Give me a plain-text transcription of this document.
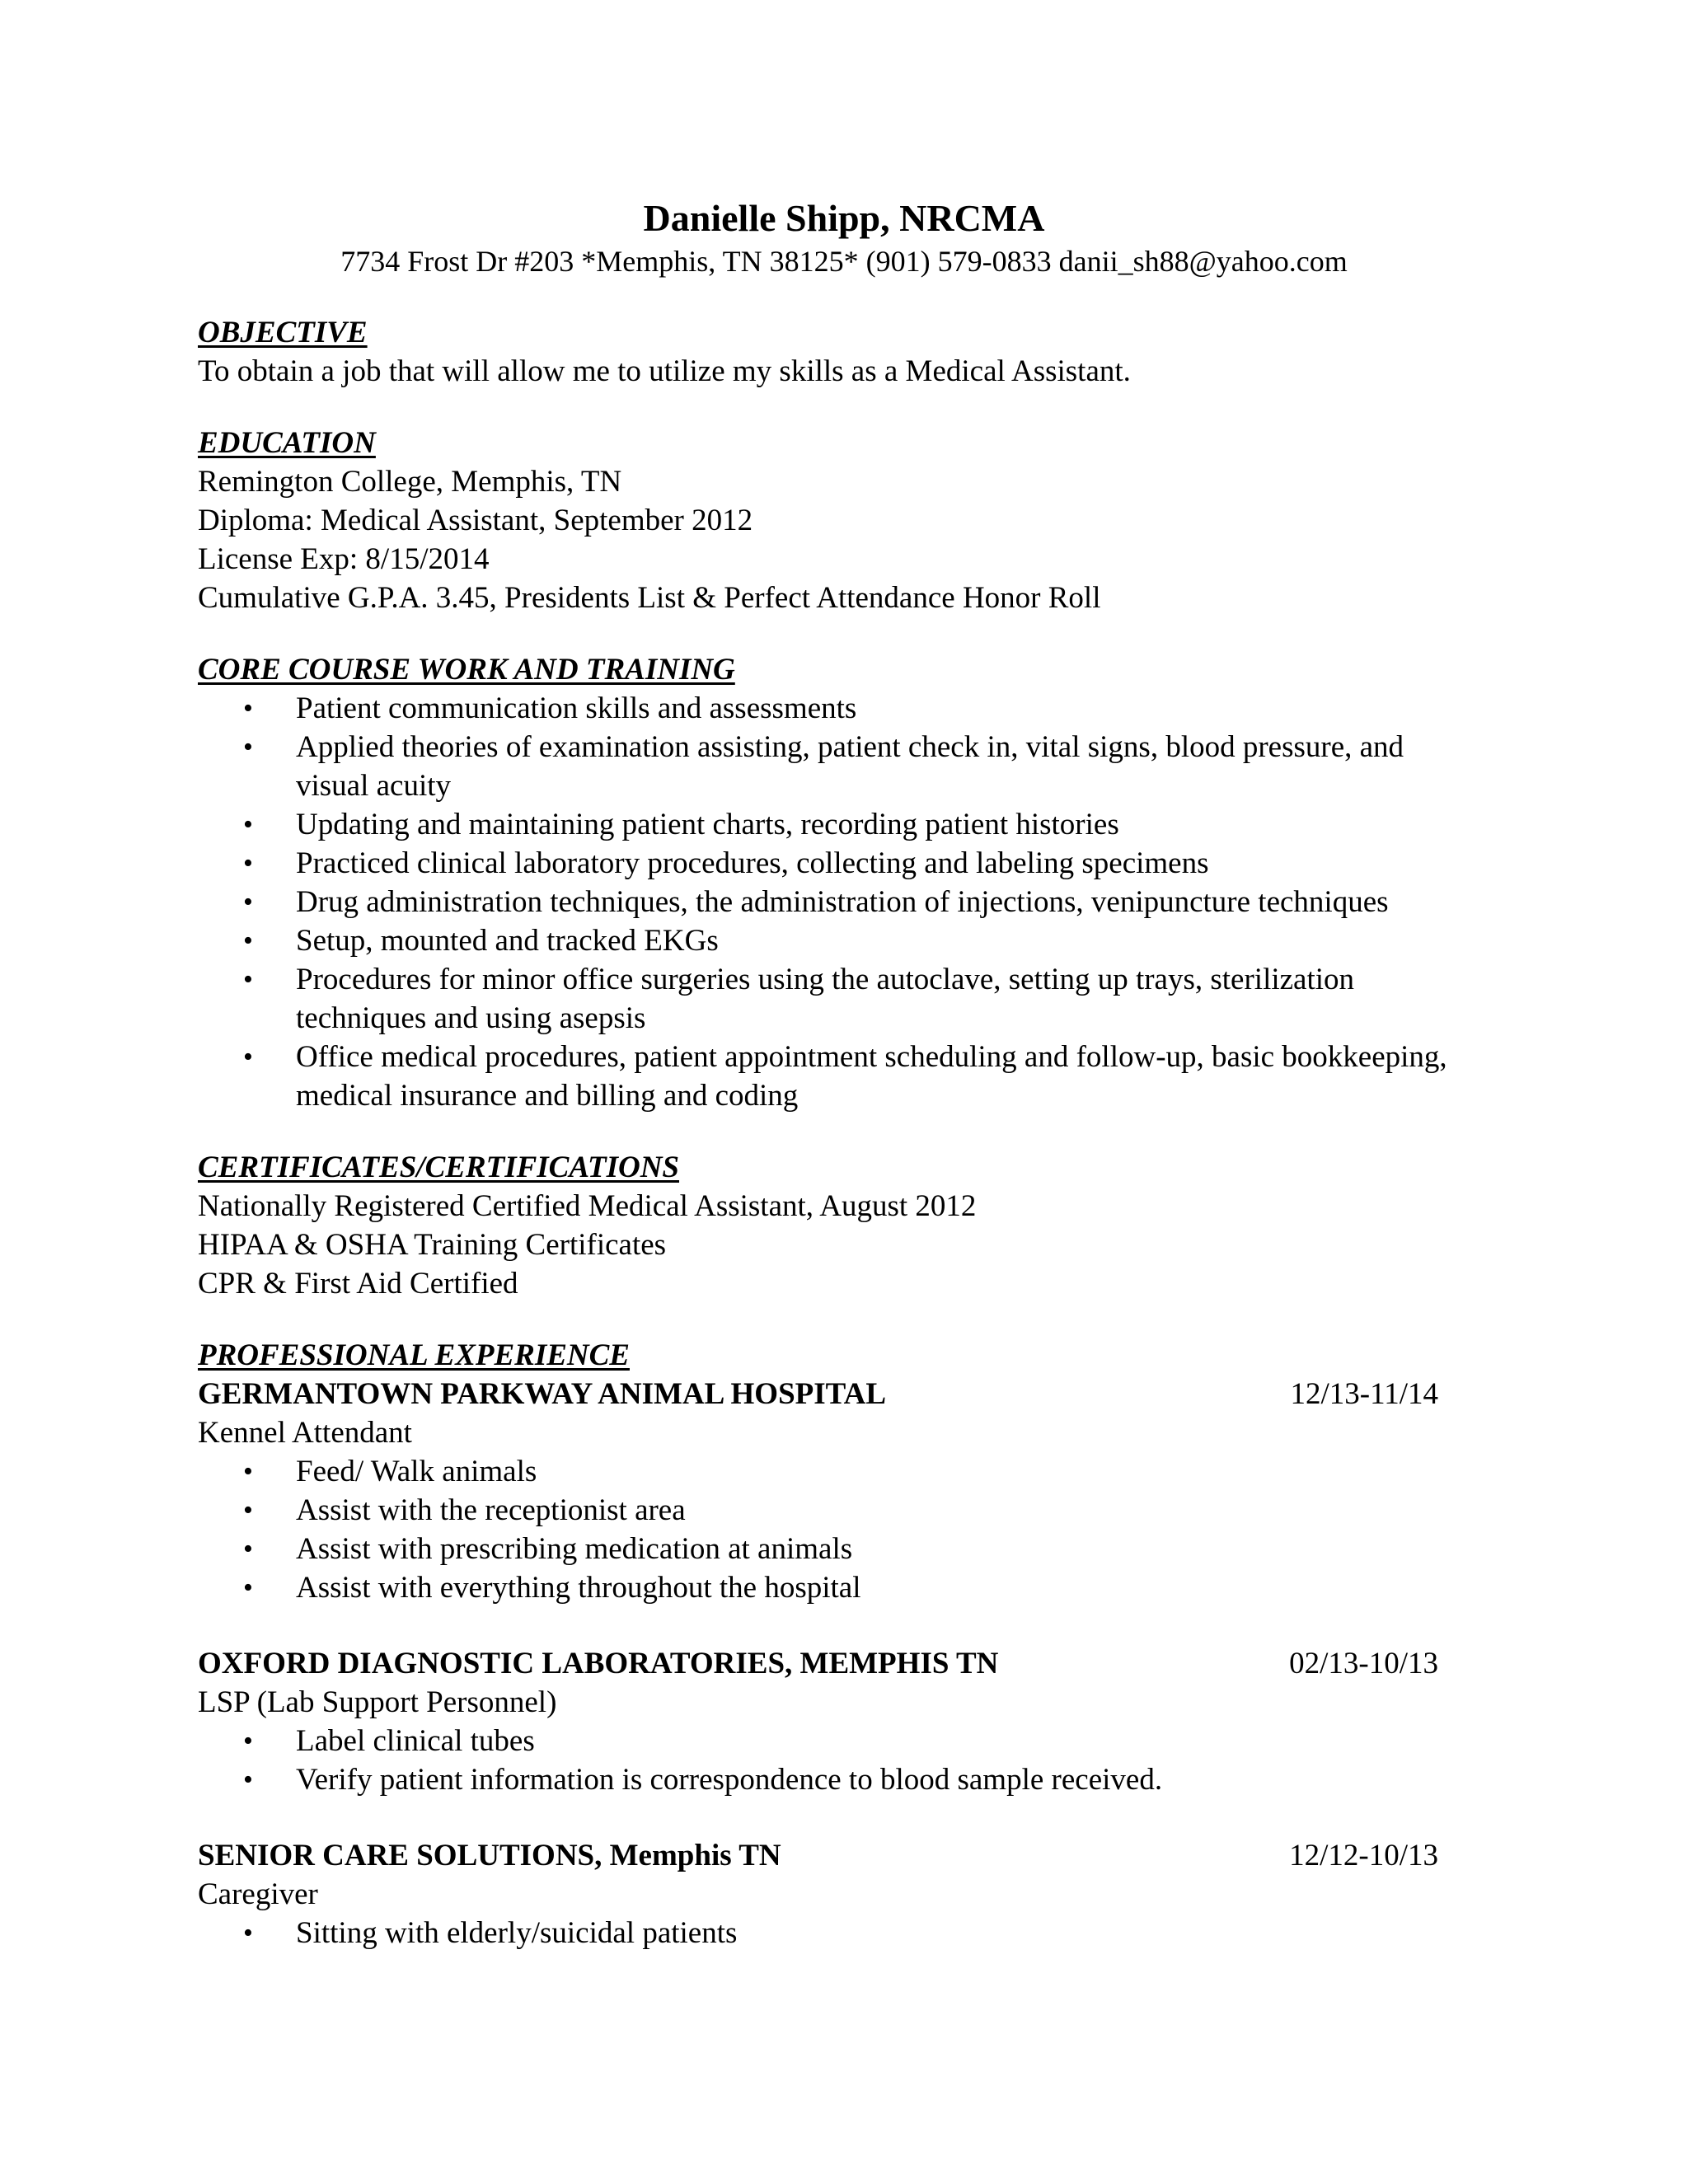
Danielle Shipp, NRCMA
7734 Frost Dr #203 *Memphis, TN 38125* (901) 579-0833 danii_sh88@yahoo.com
OBJECTIVE
To obtain a job that will allow me to utilize my skills as a Medical Assistant.
EDUCATION
Remington College, Memphis, TN
Diploma: Medical Assistant, September 2012
License Exp: 8/15/2014
Cumulative G.P.A. 3.45, Presidents List & Perfect Attendance Honor Roll
CORE COURSE WORK AND TRAINING
• Patient communication skills and assessments
• Applied theories of examination assisting, patient check in, vital signs, blood pressure, and visual acuity
• Updating and maintaining patient charts, recording patient histories
• Practiced clinical laboratory procedures, collecting and labeling specimens
• Drug administration techniques, the administration of injections, venipuncture techniques
• Setup, mounted and tracked EKGs
• Procedures for minor office surgeries using the autoclave, setting up trays, sterilization techniques and using asepsis
• Office medical procedures, patient appointment scheduling and follow-up, basic bookkeeping, medical insurance and billing and coding
CERTIFICATES/CERTIFICATIONS
Nationally Registered Certified Medical Assistant, August 2012
HIPAA & OSHA Training Certificates
CPR & First Aid Certified
PROFESSIONAL EXPERIENCE
GERMANTOWN PARKWAY ANIMAL HOSPITAL	12/13-11/14
Kennel Attendant
• Feed/ Walk animals
• Assist with the receptionist area
• Assist with prescribing medication at animals
• Assist with everything throughout the hospital
OXFORD DIAGNOSTIC LABORATORIES, MEMPHIS TN	02/13-10/13
LSP (Lab Support Personnel)
• Label clinical tubes
• Verify patient information is correspondence to blood sample received.
SENIOR CARE SOLUTIONS, Memphis TN	12/12-10/13
Caregiver
• Sitting with elderly/suicidal patients
